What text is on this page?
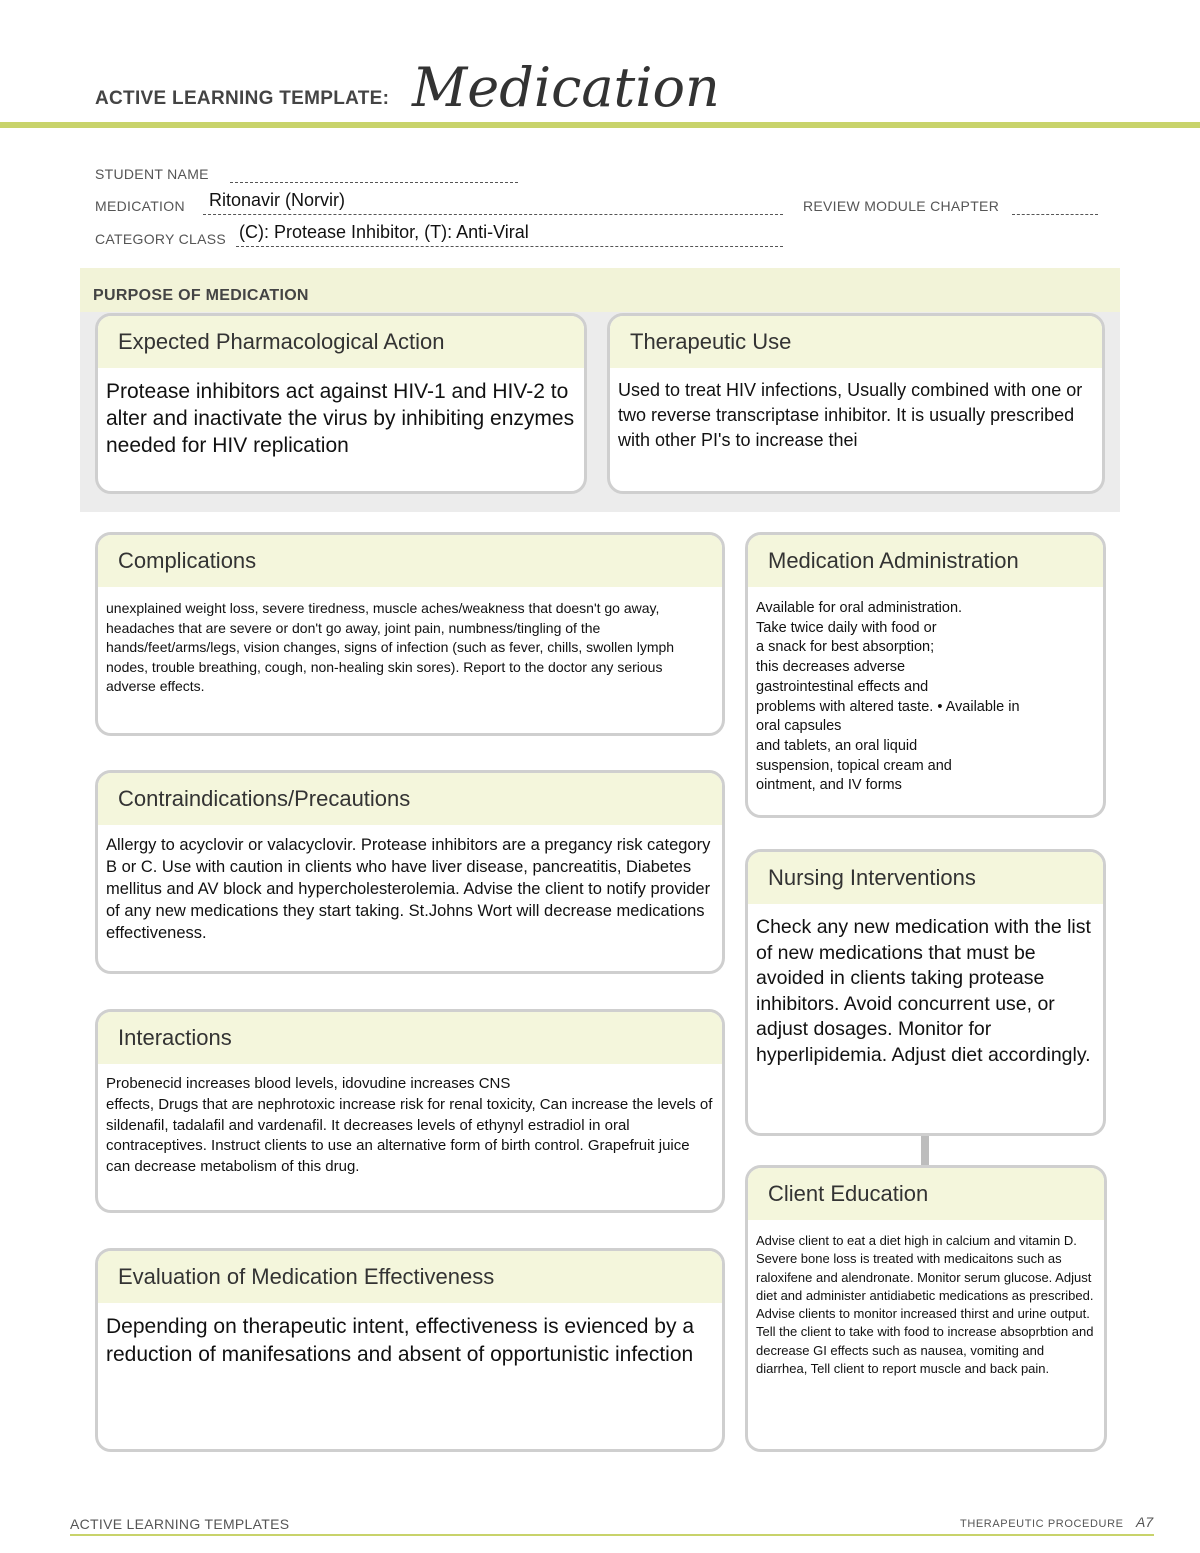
ACTIVE LEARNING TEMPLATE: Medication
STUDENT NAME
MEDICATION Ritonavir (Norvir)	REVIEW MODULE CHAPTER
CATEGORY CLASS (C): Protease Inhibitor, (T): Anti-Viral
PURPOSE OF MEDICATION
Expected Pharmacological Action
Protease inhibitors act against HIV-1 and HIV-2 to alter and inactivate the virus by inhibiting enzymes needed for HIV replication
Therapeutic Use
Used to treat HIV infections, Usually combined with one or two reverse transcriptase inhibitor. It is usually prescribed with other PI's to increase thei
Complications
unexplained weight loss, severe tiredness, muscle aches/weakness that doesn't go away, headaches that are severe or don't go away, joint pain, numbness/tingling of the hands/feet/arms/legs, vision changes, signs of infection (such as fever, chills, swollen lymph nodes, trouble breathing, cough, non-healing skin sores). Report to the doctor any serious adverse effects.
Medication Administration
Available for oral administration.
Take twice daily with food or
a snack for best absorption;
this decreases adverse
gastrointestinal effects and
problems with altered taste. • Available in
oral capsules
and tablets, an oral liquid
suspension, topical cream and
ointment, and IV forms
Contraindications/Precautions
Allergy to acyclovir or valacyclovir. Protease inhibitors are a pregancy risk category B or C. Use with caution in clients who have liver disease, pancreatitis, Diabetes mellitus and AV block and hypercholesterolemia. Advise the client to notify provider of any new medications they start taking. St.Johns Wort will decrease medications effectiveness.
Nursing Interventions
Check any new medication with the list of new medications that must be avoided in clients taking protease inhibitors. Avoid concurrent use, or adjust dosages. Monitor for hyperlipidemia. Adjust diet accordingly.
Interactions
Probenecid increases blood levels, idovudine increases CNS
effects, Drugs that are nephrotoxic increase risk for renal toxicity, Can increase the levels of sildenafil, tadalafil and vardenafil. It decreases levels of ethynyl estradiol in oral contraceptives. Instruct clients to use an alternative form of birth control. Grapefruit juice can decrease metabolism of this drug.
Client Education
Advise client to eat a diet high in calcium and vitamin D. Severe bone loss is treated with medicaitons such as raloxifene and alendronate. Monitor serum glucose. Adjust diet and administer antidiabetic medications as prescribed. Advise clients to monitor increased thirst and urine output. Tell the client to take with food to increase absoprbtion and decrease GI effects such as nausea, vomiting and diarrhea, Tell client to report muscle and back pain.
Evaluation of Medication Effectiveness
Depending on therapeutic intent, effectiveness is evienced by a reduction of manifesations and absent of opportunistic infection
ACTIVE LEARNING TEMPLATES	THERAPEUTIC PROCEDURE A7
